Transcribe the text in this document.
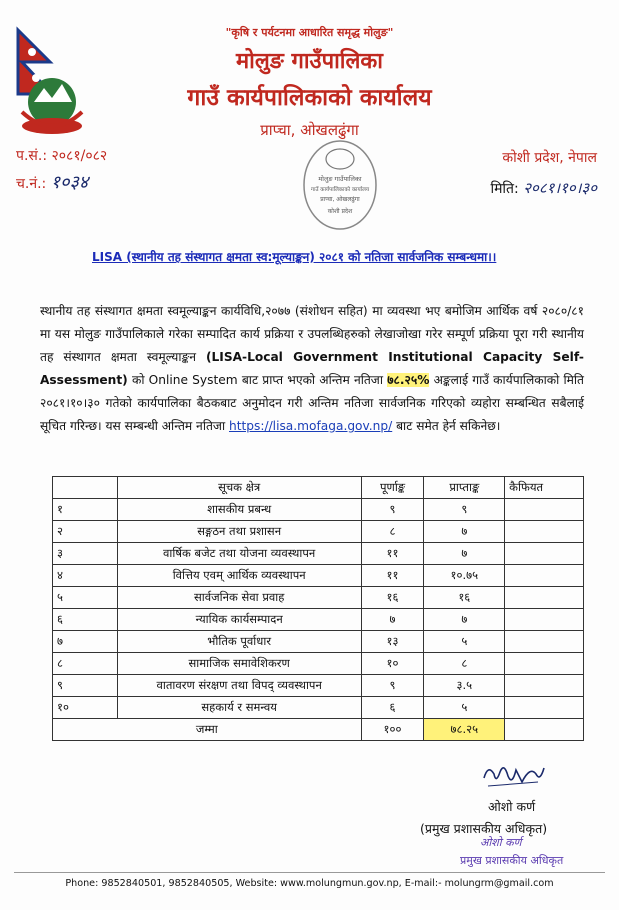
"कृषि र पर्यटनमा आधारित समृद्ध मोलुङ"
मोलुङ गाउँपालिका
गाउँ कार्यपालिकाको कार्यालय
प्राप्चा, ओखलढुंगा
प.सं.: २०८१/०८२
च.नं.: १०३४
कोशी प्रदेश, नेपाल
मिति: २०८१।१०।३०
मोलुङ गाउँपालिका
गाउँ कार्यपालिकाको कार्यालय
प्राप्चा, ओखलढुंगा
कोशी प्रदेश
LISA (स्थानीय तह संस्थागत क्षमता स्व:मूल्याङ्कन) २०८१ को नतिजा सार्वजनिक सम्बन्धमा।।
स्थानीय तह संस्थागत क्षमता स्वमूल्याङ्कन कार्यविधि,२०७७ (संशोधन सहित) मा व्यवस्था भए बमोजिम आर्थिक वर्ष २०८०/८१ मा यस मोलुङ गाउँपालिकाले गरेका सम्पादित कार्य प्रक्रिया र उपलब्धिहरुको लेखाजोखा गरेर सम्पूर्ण प्रक्रिया पूरा गरी स्थानीय तह संस्थागत क्षमता स्वमूल्याङ्कन (LISA-Local Government Institutional Capacity Self-Assessment) को Online System बाट प्राप्त भएको अन्तिम नतिजा ७८.२५% अङ्कलाई गाउँ कार्यपालिकाको मिति २०८१।१०।३० गतेको कार्यपालिका बैठकबाट अनुमोदन गरी अन्तिम नतिजा सार्वजनिक गरिएको व्यहोरा सम्बन्धित सबैलाई सूचित गरिन्छ। यस सम्बन्धी अन्तिम नतिजा https://lisa.mofaga.gov.np/ बाट समेत हेर्न सकिनेछ।
	सूचक क्षेत्र	पूर्णाङ्क	प्राप्ताङ्क	कैफियत
१	शासकीय प्रबन्ध	९	९	
२	सङ्गठन तथा प्रशासन	८	७	
३	वार्षिक बजेट तथा योजना व्यवस्थापन	११	७	
४	वित्तिय एवम् आर्थिक व्यवस्थापन	११	१०.७५	
५	सार्वजनिक सेवा प्रवाह	१६	१६	
६	न्यायिक कार्यसम्पादन	७	७	
७	भौतिक पूर्वाधार	१३	५	
८	सामाजिक समावेशिकरण	१०	८	
९	वातावरण संरक्षण तथा विपद् व्यवस्थापन	९	३.५	
१०	सहकार्य र समन्वय	६	५	
जम्मा		१००	७८.२५	
ओशो कर्ण
(प्रमुख प्रशासकीय अधिकृत)
ओशो कर्ण
प्रमुख प्रशासकीय अधिकृत
Phone: 9852840501, 9852840505, Website: www.molungmun.gov.np, E-mail:- molungrm@gmail.com
